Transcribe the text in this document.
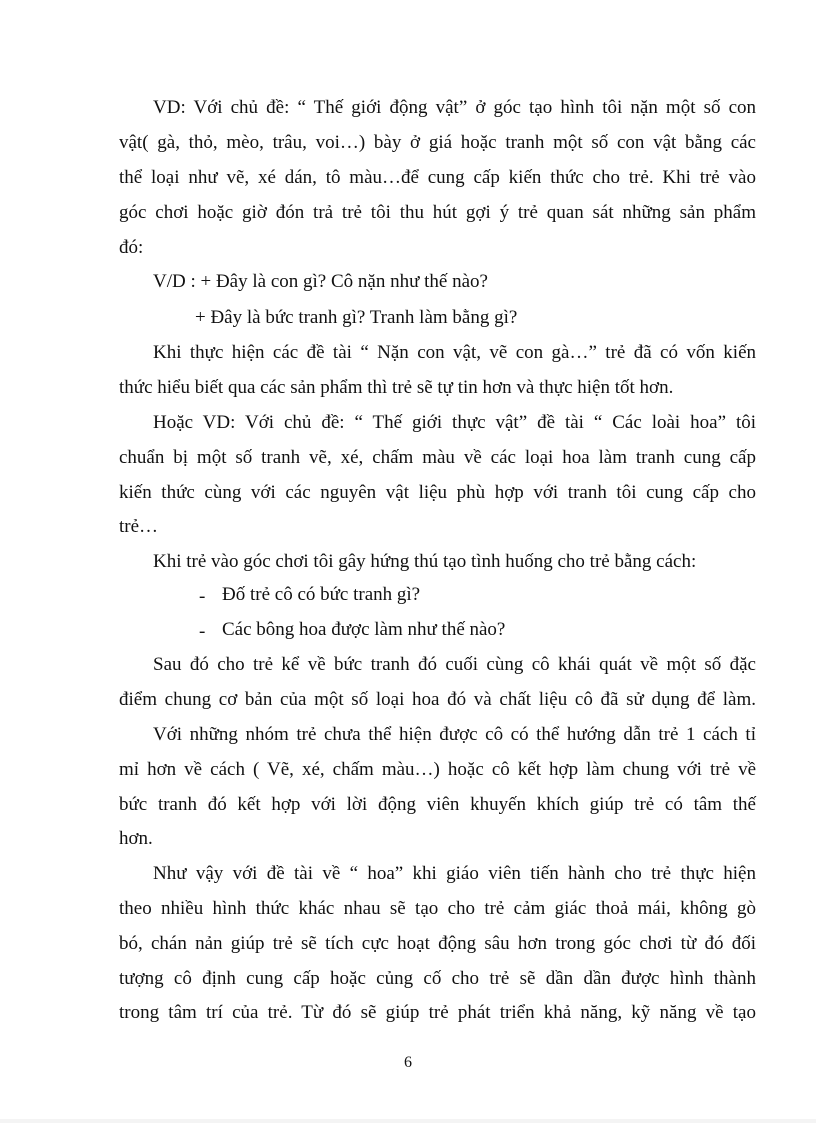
VD: Với chủ đề: “ Thế giới động vật” ở góc tạo hình tôi nặn một số con
vật( gà, thỏ, mèo, trâu, voi…) bày ở giá hoặc tranh một số con vật bằng các
thể loại như vẽ, xé dán, tô màu…để cung cấp kiến thức cho trẻ. Khi trẻ vào
góc chơi hoặc giờ đón trả trẻ tôi thu hút gợi ý trẻ quan sát những sản phẩm
đó:
V/D : + Đây là con gì? Cô nặn như thế nào?
+ Đây là bức tranh gì? Tranh làm bằng gì?
Khi thực hiện các đề tài “ Nặn con vật, vẽ con gà…” trẻ đã có vốn kiến
thức hiểu biết qua các sản phẩm thì trẻ sẽ tự tin hơn và thực hiện tốt hơn.
Hoặc VD: Với chủ đề: “ Thế giới thực vật” đề tài “ Các loài hoa” tôi
chuẩn bị một số tranh vẽ, xé, chấm màu về các loại hoa làm tranh cung cấp
kiến thức cùng với các nguyên vật liệu phù hợp với tranh tôi cung cấp cho
trẻ…
Khi trẻ vào góc chơi tôi gây hứng thú tạo tình huống cho trẻ bằng cách:
- Đố trẻ cô có bức tranh gì?
- Các bông hoa được làm như thế nào?
Sau đó cho trẻ kể về bức tranh đó cuối cùng cô khái quát về một số đặc
điểm chung cơ bản của một số loại hoa đó và chất liệu cô đã sử dụng để làm.
Với những nhóm trẻ chưa thể hiện được cô có thể hướng dẫn trẻ 1 cách tỉ
mỉ hơn về cách ( Vẽ, xé, chấm màu…) hoặc cô kết hợp làm chung với trẻ về
bức tranh đó kết hợp với lời động viên khuyến khích giúp trẻ có tâm thế
hơn.
Như vậy với đề tài về “ hoa” khi giáo viên tiến hành cho trẻ thực hiện
theo nhiều hình thức khác nhau sẽ tạo cho trẻ cảm giác thoả mái, không gò
bó, chán nản giúp trẻ sẽ tích cực hoạt động sâu hơn trong góc chơi từ đó đối
tượng cô định cung cấp hoặc củng cố cho trẻ sẽ dần dần được hình thành
trong tâm trí của trẻ. Từ đó sẽ giúp trẻ phát triển khả năng, kỹ năng về tạo
6
